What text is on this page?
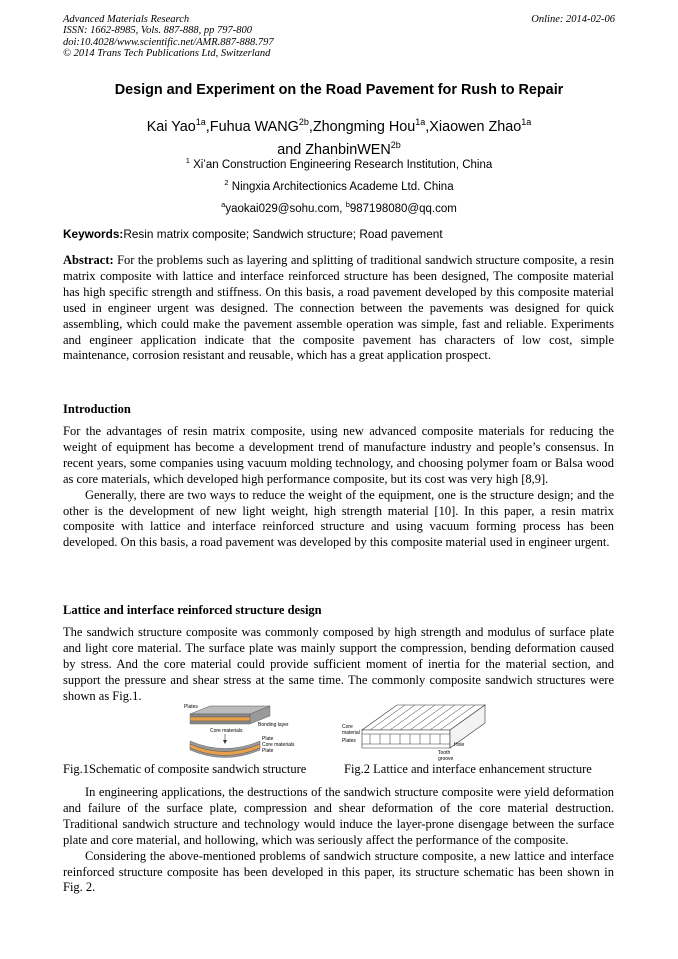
Advanced Materials Research
ISSN: 1662-8985, Vols. 887-888, pp 797-800
doi:10.4028/www.scientific.net/AMR.887-888.797
© 2014 Trans Tech Publications Ltd, Switzerland
Online: 2014-02-06
Design and Experiment on the Road Pavement for Rush to Repair
Kai Yao$^{1a}$,Fuhua $WANG^{2b},Zhongming$ Hou$^{1a}$,Xiaowen Zhao$^{1a}$
and ZhanbinWEN$^{2b}$
$^1$ Xi’an Construction Engineering Research Institution, China
$^2$ Ningxia Architectionics Academe Ltd. China
$^a$yaokai029@sohu.com, $^b$987198080@qq.com
Keywords:Resin matrix composite; Sandwich structure; Road pavement

Abstract: For the problems such as layering and splitting of traditional sandwich structure composite, a resin matrix composite with lattice and interface reinforced structure has been designed, The composite material has high specific strength and stiffness. On this basis, a road pavement developed by this composite material used in engineer urgent was designed. The connection between the pavements was designed for quick assembling, which could make the pavement assemble operation was simple, fast and reliable. Experiments and engineer application indicate that the composite pavement has characters of low cost, simple maintenance, corrosion resistant and reusable, which has a great application prospect.

Introduction

For the advantages of resin matrix composite, using new advanced composite materials for reducing the weight of equipment has become a development trend of manufacture industry and people’s consensus. In recent years, some companies using vacuum molding technology, and choosing polymer foam or Balsa wood as core materials, which developed high performance composite, but its cost was very high [8,9].

Generally, there are two ways to reduce the weight of the equipment, one is the structure design; and the other is the development of new light weight, high strength material [10]. In this paper, a resin matrix composite with lattice and interface reinforced structure and using vacuum forming process has been developed. On this basis, a road pavement was developed by this composite material used in engineer urgent.

Lattice and interface reinforced structure design

The sandwich structure composite was commonly composed by high strength and modulus of surface plate and light core material. The surface plate was mainly support the compression, bending deformation caused by stress. And the core material could provide sufficient moment of inertia for the material section, and support the pressure and shear stress at the same time. The commonly composite sandwich structures were shown as Fig.1.

Plates
Bonding layer
Core materials
Plate
Core materials
Plate
Core
material
Plates
Hole
Tooth
groove
Fig.1Schematic of composite sandwich structure	Fig.2 Lattice and interface enhancement structure

In engineering applications, the destructions of the sandwich structure composite were yield deformation and failure of the surface plate, compression and shear deformation of the core material destruction. Traditional sandwich structure and technology would induce the layer-prone disengage between the surface plate and core material, and hollowing, which was seriously affect the performance of the composite.

Considering the above-mentioned problems of sandwich structure composite, a new lattice and interface reinforced structure composite has been developed in this paper, its structure schematic has been shown in Fig. 2.
